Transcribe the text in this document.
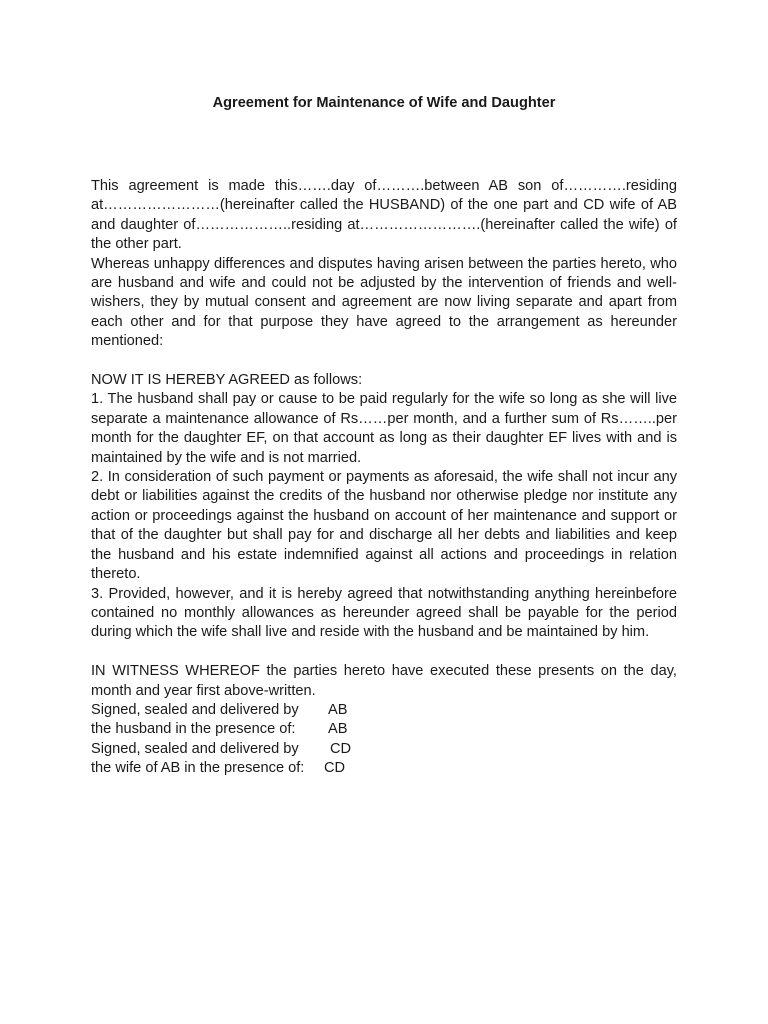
Agreement for Maintenance of Wife and Daughter

This agreement is made this…….day of……….between AB son of………….residing at……………………(hereinafter called the HUSBAND) of the one part and CD wife of AB and daughter of………………..residing at…………………….(hereinafter called the wife) of the other part.

Whereas unhappy differences and disputes having arisen between the parties hereto, who are husband and wife and could not be adjusted by the intervention of friends and well-wishers, they by mutual consent and agreement are now living separate and apart from each other and for that purpose they have agreed to the arrangement as hereunder mentioned:

NOW IT IS HEREBY AGREED as follows:

1. The husband shall pay or cause to be paid regularly for the wife so long as she will live separate a maintenance allowance of Rs……per month, and a further sum of Rs……..per month for the daughter EF, on that account as long as their daughter EF lives with and is maintained by the wife and is not married.

2. In consideration of such payment or payments as aforesaid, the wife shall not incur any debt or liabilities against the credits of the husband nor otherwise pledge nor institute any action or proceedings against the husband on account of her maintenance and support or that of the daughter but shall pay for and discharge all her debts and liabilities and keep the husband and his estate indemnified against all actions and proceedings in relation thereto.

3. Provided, however, and it is hereby agreed that notwithstanding anything hereinbefore contained no monthly allowances as hereunder agreed shall be payable for the period during which the wife shall live and reside with the husband and be maintained by him.

IN WITNESS WHEREOF the parties hereto have executed these presents on the day, month and year first above-written.

Signed, sealed and delivered by	AB
the husband in the presence of:	AB
Signed, sealed and delivered by	CD
the wife of AB in the presence of:	CD
